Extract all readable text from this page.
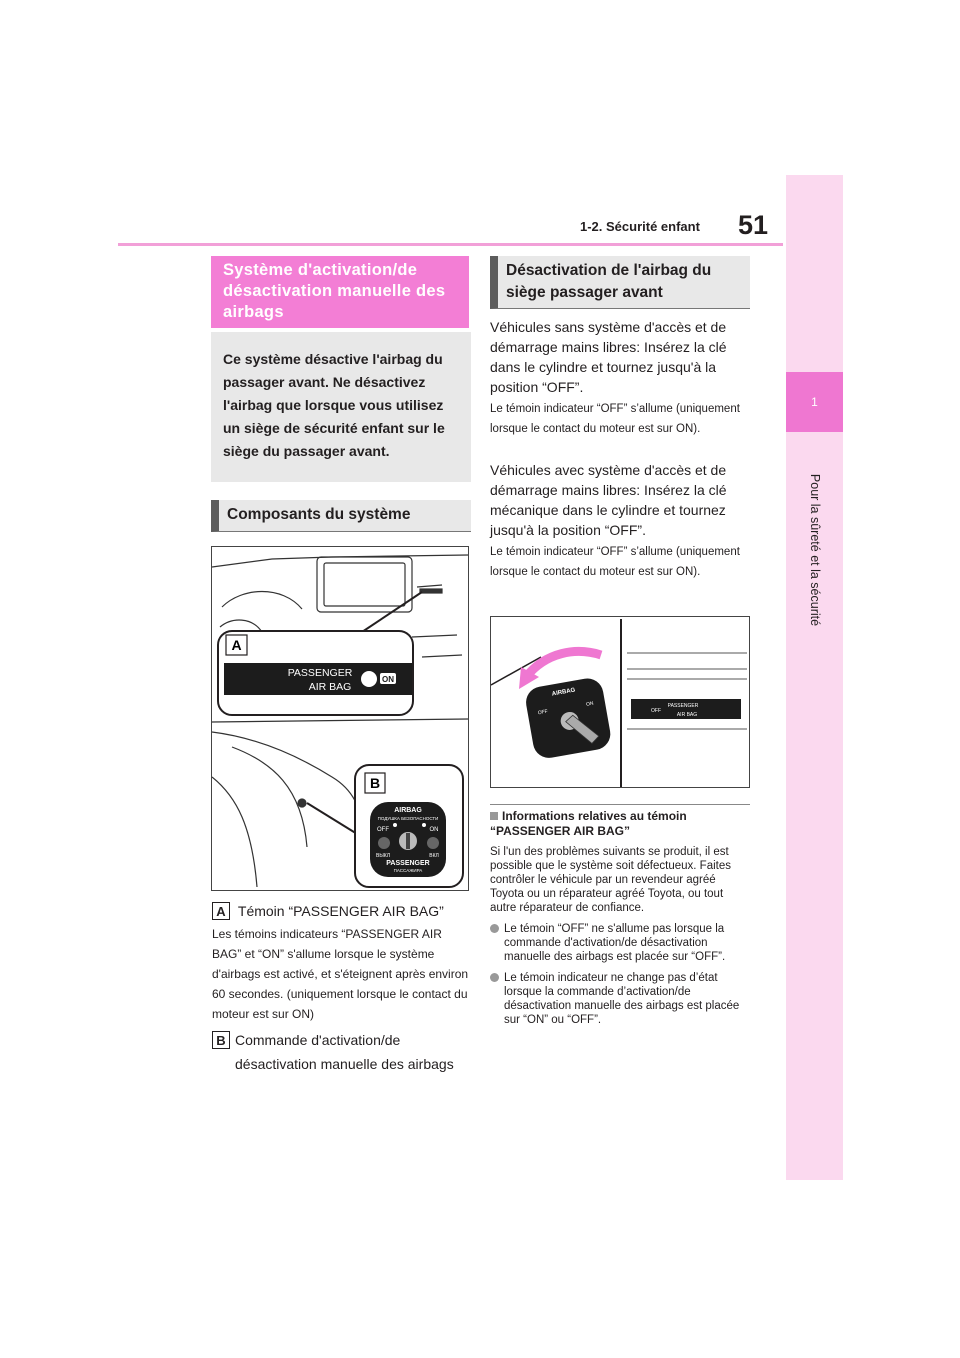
1-2. Sécurité enfant 51
1
Pour la sûreté et la sécurité
Système d'activation/de désactivation manuelle des airbags
Ce système désactive l'airbag du passager avant. Ne désactivez l'airbag que lorsque vous utilisez un siège de sécurité enfant sur le siège du passager avant.
Composants du système
A
PASSENGER
AIR BAG
ON
B
AIRBAG
ПОДУШКА БЕЗОПАСНОСТИ
OFF	ON
ВЫКЛ	ВКЛ
PASSENGER
ПАССАЖИРА
A Témoin “PASSENGER AIR BAG”
Les témoins indicateurs “PASSENGER AIR BAG” et “ON” s'allume lorsque le système d'airbags est activé, et s'éteignent après environ 60 secondes. (uniquement lorsque le contact du moteur est sur ON)
B Commande d'activation/de désactivation manuelle des airbags
Désactivation de l'airbag du siège passager avant
Véhicules sans système d'accès et de démarrage mains libres: Insérez la clé dans le cylindre et tournez jusqu'à la position “OFF”.
Le témoin indicateur “OFF” s’allume (uniquement lorsque le contact du moteur est sur ON).
Véhicules avec système d'accès et de démarrage mains libres: Insérez la clé mécanique dans le cylindre et tournez jusqu'à la position “OFF”.
Le témoin indicateur “OFF” s’allume (uniquement lorsque le contact du moteur est sur ON).
AIRBAG
OFF
ON
OFF
PASSENGER
AIR BAG
Informations relatives au témoin “PASSENGER AIR BAG”
Si l'un des problèmes suivants se produit, il est possible que le système soit défectueux. Faites contrôler le véhicule par un revendeur agréé Toyota ou un réparateur agréé Toyota, ou tout autre réparateur de confiance.
Le témoin “OFF” ne s'allume pas lorsque la commande d'activation/de désactivation manuelle des airbags est placée sur “OFF”.
Le témoin indicateur ne change pas d’état lorsque la commande d’activation/de désactivation manuelle des airbags est placée sur “ON” ou “OFF”.
